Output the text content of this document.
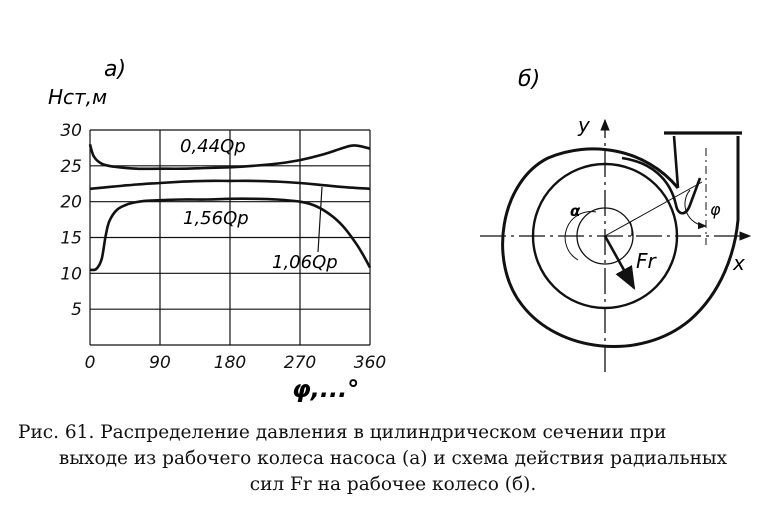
a)
Hст,м
φ,...°
0	90	180 270 360
5
10
15
20
25
30
0,44Qр
1,56Qр
1,06Qр
б)
y
x
α	φ
Fr
Рис. 61. Распределение давления в цилиндрическом сечении при
выходе из рабочего колеса насоса (а) и схема действия радиальных
сил Fr на рабочее колесо (б).
